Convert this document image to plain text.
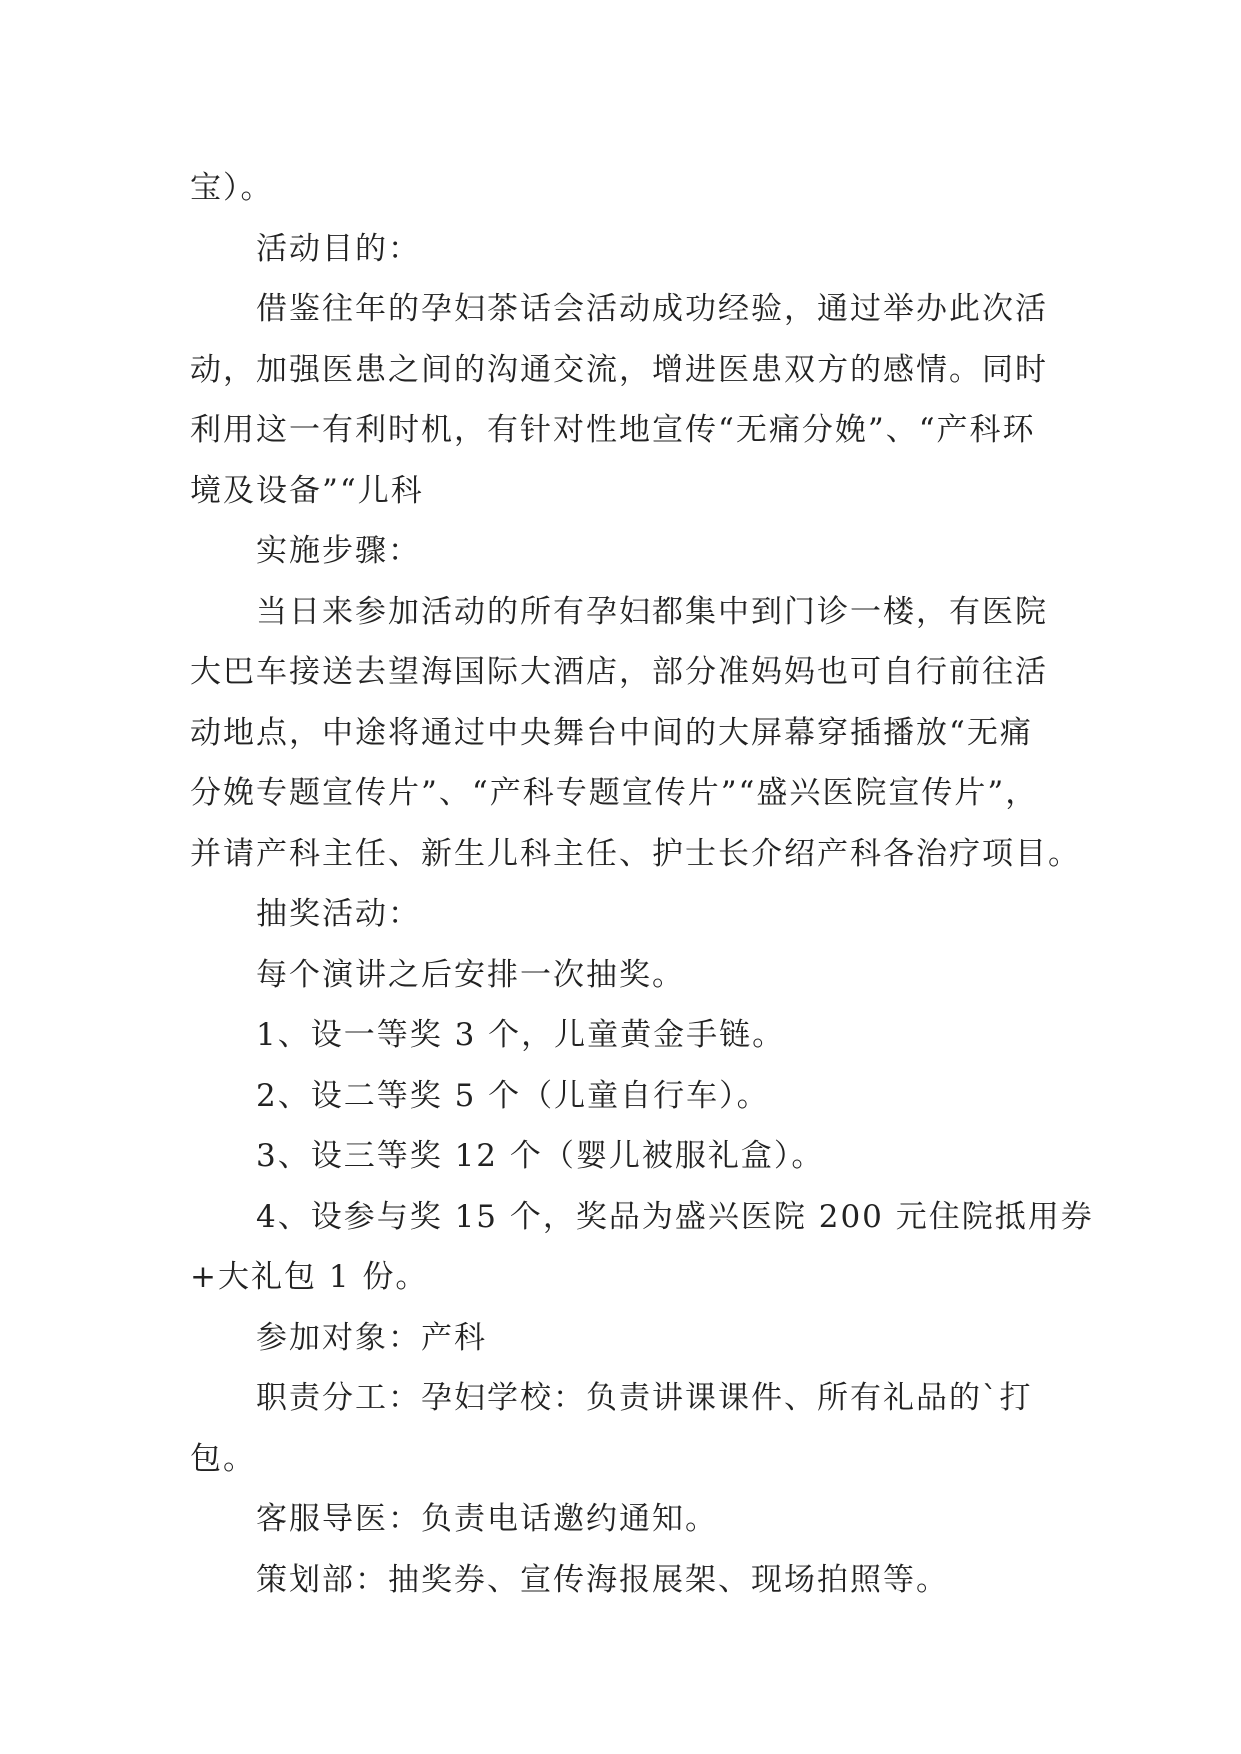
宝）。

活动目的：

借鉴往年的孕妇茶话会活动成功经验，通过举办此次活

动，加强医患之间的沟通交流，增进医患双方的感情。同时

利用这一有利时机，有针对性地宣传“无痛分娩”、“产科环

境及设备”“儿科

实施步骤：

当日来参加活动的所有孕妇都集中到门诊一楼，有医院

大巴车接送去望海国际大酒店，部分准妈妈也可自行前往活

动地点，中途将通过中央舞台中间的大屏幕穿插播放“无痛

分娩专题宣传片”、“产科专题宣传片”“盛兴医院宣传片”，

并请产科主任、新生儿科主任、护士长介绍产科各治疗项目。

抽奖活动：

每个演讲之后安排一次抽奖。

1、设一等奖 3 个，儿童黄金手链。

2、设二等奖 5 个（儿童自行车）。

3、设三等奖 12 个（婴儿被服礼盒）。

4、设参与奖 15 个，奖品为盛兴医院 200 元住院抵用券

+大礼包 1 份。

参加对象：产科

职责分工：孕妇学校：负责讲课课件、所有礼品的`打

包。

客服导医：负责电话邀约通知。

策划部：抽奖券、宣传海报展架、现场拍照等。
